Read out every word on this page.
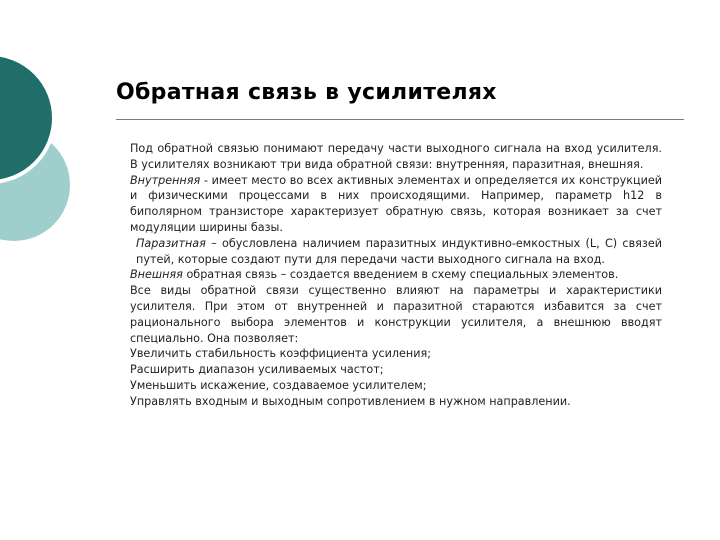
Обратная связь в усилителях

Под обратной связью понимают передачу части выходного сигнала на вход усилителя. В усилителях возникают три вида обратной связи: внутренняя, паразитная, внешняя.

Внутренняя - имеет место во всех активных элементах и определяется их конструкцией и физическими процессами в них происходящими. Например, параметр h12 в биполярном транзисторе характеризует обратную связь, которая возникает за счет модуляции ширины базы.

Паразитная – обусловлена наличием паразитных индуктивно-емкостных (L, C) связей путей, которые создают пути для передачи части выходного сигнала на вход.

Внешняя обратная связь – создается введением в схему специальных элементов.

Все виды обратной связи существенно влияют на параметры и характеристики усилителя. При этом от внутренней и паразитной стараются избавится за счет рационального выбора элементов и конструкции усилителя, а внешнюю вводят специально. Она позволяет:

Увеличить стабильность коэффициента усиления;

Расширить диапазон усиливаемых частот;

Уменьшить искажение, создаваемое усилителем;

Управлять входным и выходным сопротивлением в нужном направлении.
